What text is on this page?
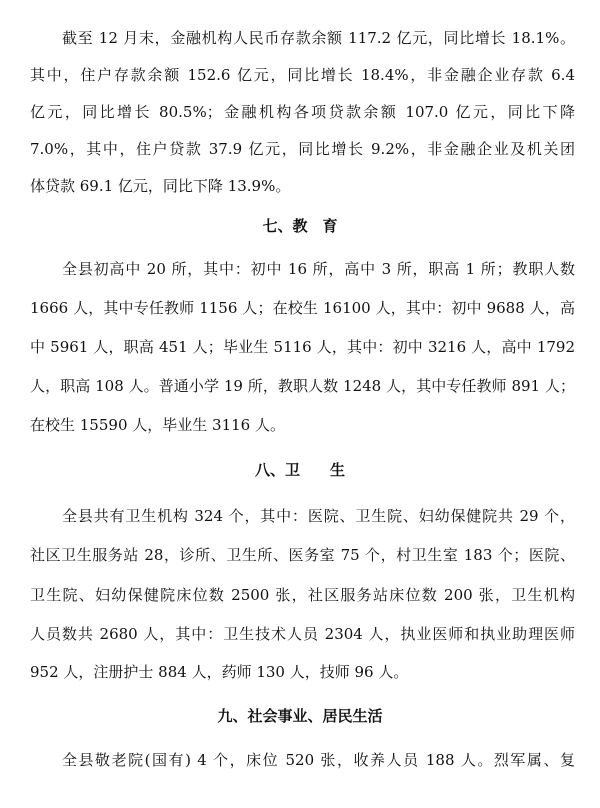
截至 12 月末，金融机构人民币存款余额 117.2 亿元，同比增长 18.1%。
其中，住户存款余额 152.6 亿元，同比增长 18.4%，非金融企业存款 6.4
亿元，同比增长 80.5%；金融机构各项贷款余额 107.0 亿元，同比下降
7.0%，其中，住户贷款 37.9 亿元，同比增长 9.2%，非金融企业及机关团
体贷款 69.1 亿元，同比下降 13.9%。
七、教　育
全县初高中 20 所，其中：初中 16 所，高中 3 所，职高 1 所；教职人数
1666 人，其中专任教师 1156 人；在校生 16100 人，其中：初中 9688 人，高
中 5961 人，职高 451 人；毕业生 5116 人，其中：初中 3216 人，高中 1792
人，职高 108 人。普通小学 19 所，教职人数 1248 人，其中专任教师 891 人；
在校生 15590 人，毕业生 3116 人。
八、卫　　生
全县共有卫生机构 324 个，其中：医院、卫生院、妇幼保健院共 29 个，
社区卫生服务站 28，诊所、卫生所、医务室 75 个，村卫生室 183 个；医院、
卫生院、妇幼保健院床位数 2500 张，社区服务站床位数 200 张，卫生机构
人员数共 2680 人，其中：卫生技术人员 2304 人，执业医师和执业助理医师
952 人，注册护士 884 人，药师 130 人，技师 96 人。
九、社会事业、居民生活
全县敬老院(国有) 4 个，床位 520 张，收养人员 188 人。烈军属、复
